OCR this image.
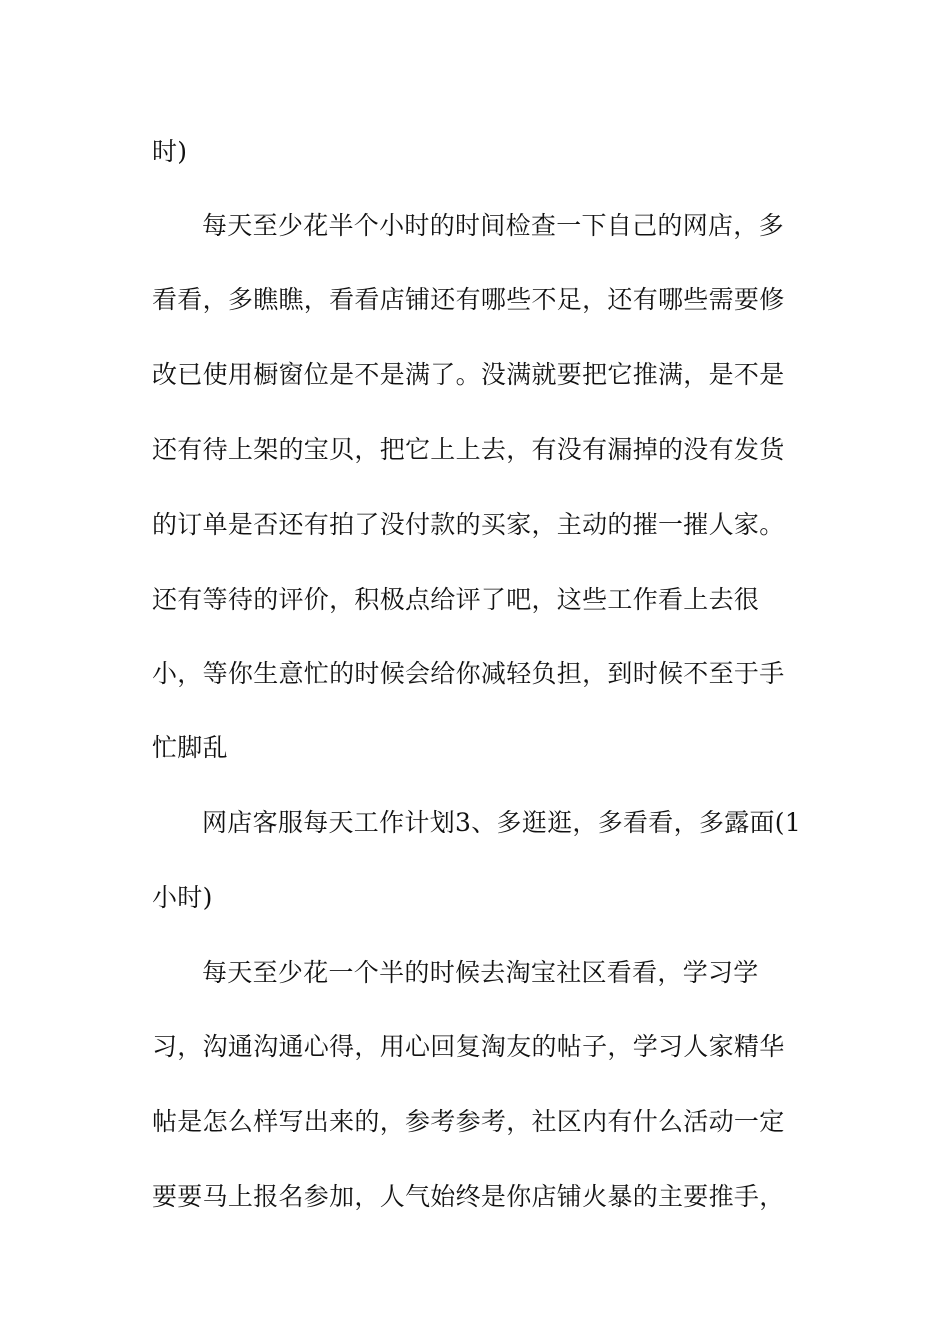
时)

每天至少花半个小时的时间检查一下自己的网店，多

看看，多瞧瞧，看看店铺还有哪些不足，还有哪些需要修

改已使用橱窗位是不是满了。没满就要把它推满，是不是

还有待上架的宝贝，把它上上去，有没有漏掉的没有发货

的订单是否还有拍了没付款的买家，主动的摧一摧人家。

还有等待的评价，积极点给评了吧，这些工作看上去很

小，等你生意忙的时候会给你减轻负担，到时候不至于手

忙脚乱

网店客服每天工作计划3、多逛逛，多看看，多露面(1

小时)

每天至少花一个半的时候去淘宝社区看看，学习学

习，沟通沟通心得，用心回复淘友的帖子，学习人家精华

帖是怎么样写出来的，参考参考，社区内有什么活动一定

要要马上报名参加，人气始终是你店铺火暴的主要推手，
